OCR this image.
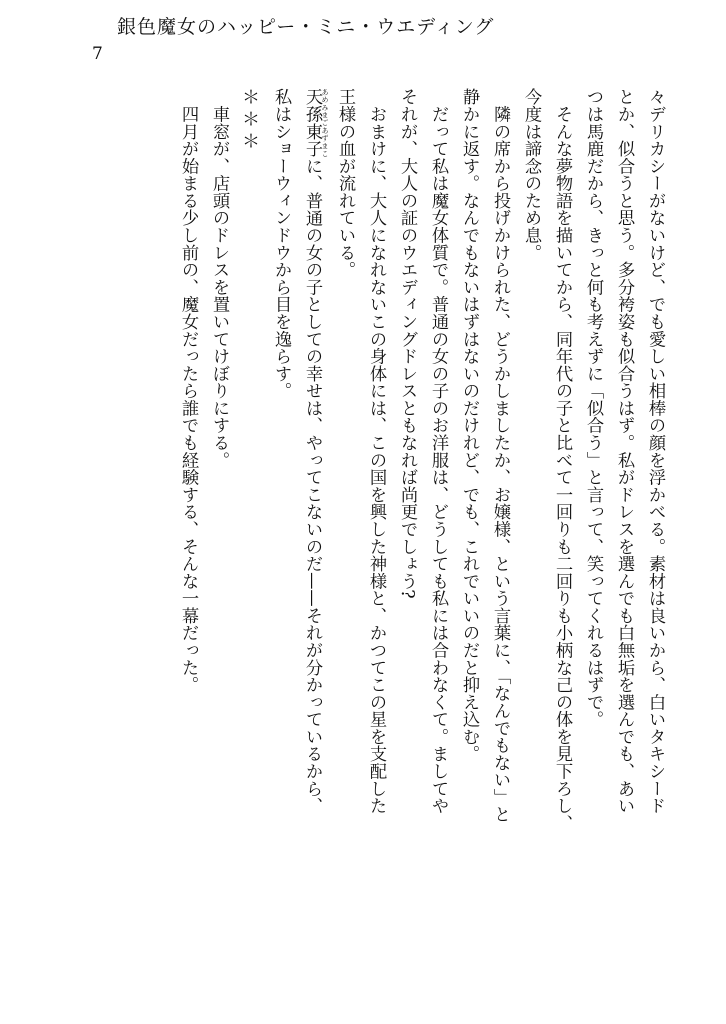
銀色魔女のハッピー・ミニ・ウエディング
7
々デリカシーがないけど、でも愛しい相棒の顔を浮かべる。素材は良いから、白いタキシード
とか、似合うと思う。多分袴姿も似合うはず。私がドレスを選んでも白無垢を選んでも、あい
つは馬鹿だから、きっと何も考えずに「似合う」と言って、笑ってくれるはずで。
　そんな夢物語を描いてから、同年代の子と比べて一回りも二回りも小柄な己の体を見下ろし、
今度は諦念のため息。
　隣の席から投げかけられた、どうかしましたか、お嬢様、という言葉に、「なんでもない」と
静かに返す。なんでもないはずはないのだけれど、でも、これでいいのだと抑え込む。
　だって私は魔女体質で。普通の女の子のお洋服は、どうしても私には合わなくて。ましてや
それが、大人の証のウエディングドレスともなれば尚更でしょう?
　おまけに、大人になれないこの身体には、この国を興した神様と、かつてこの星を支配した
王様の血が流れている。
天孫東子 あめみまごあずまこに、普通の女の子としての幸せは、やってこないのだ——それが分かっているから、
私はショーウィンドウから目を逸らす。
＊＊＊
　車窓が、店頭のドレスを置いてけぼりにする。
　四月が始まる少し前の、魔女だったら誰でも経験する、そんな一幕だった。
